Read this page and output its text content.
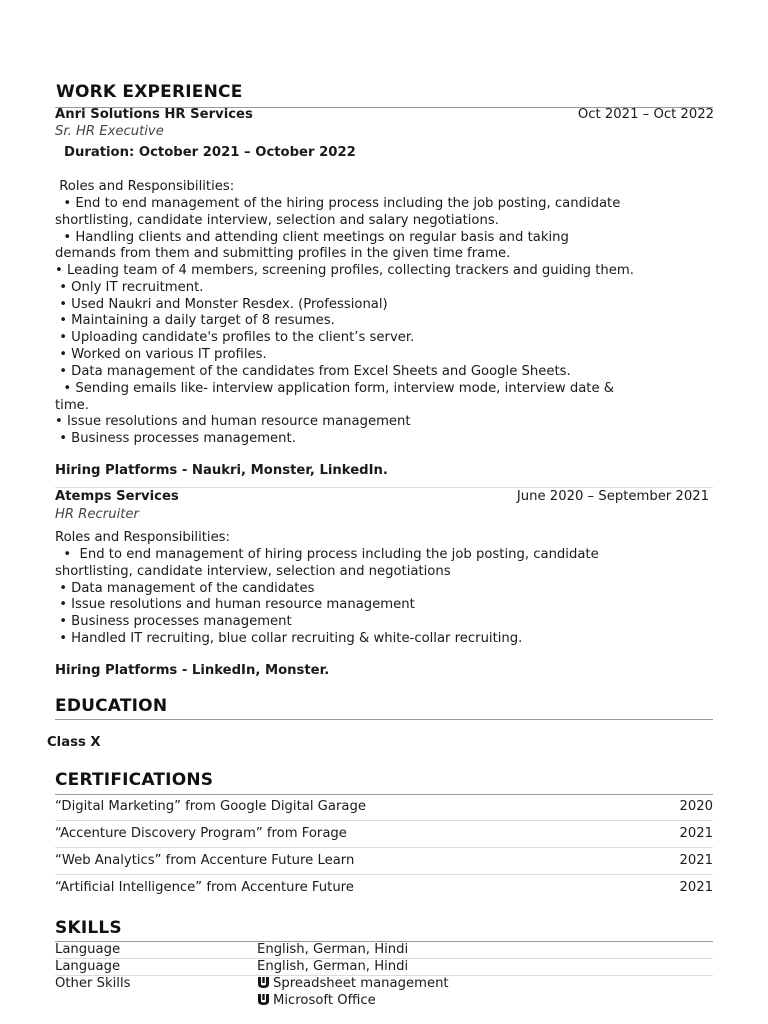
WORK EXPERIENCE
Anri Solutions HR Services	Oct 2021 – Oct 2022
Sr. HR Executive
Duration: October 2021 – October 2022
Roles and Responsibilities:
• End to end management of the hiring process including the job posting, candidate
shortlisting, candidate interview, selection and salary negotiations.
• Handling clients and attending client meetings on regular basis and taking
demands from them and submitting profiles in the given time frame.
• Leading team of 4 members, screening profiles, collecting trackers and guiding them.
• Only IT recruitment.
• Used Naukri and Monster Resdex. (Professional)
• Maintaining a daily target of 8 resumes.
• Uploading candidate's profiles to the client’s server.
• Worked on various IT profiles.
• Data management of the candidates from Excel Sheets and Google Sheets.
• Sending emails like- interview application form, interview mode, interview date &
time.
• Issue resolutions and human resource management
• Business processes management.
Hiring Platforms - Naukri, Monster, LinkedIn.
Atemps Services	June 2020 – September 2021
HR Recruiter
Roles and Responsibilities:
•  End to end management of hiring process including the job posting, candidate
shortlisting, candidate interview, selection and negotiations
• Data management of the candidates
• Issue resolutions and human resource management
• Business processes management
• Handled IT recruiting, blue collar recruiting & white-collar recruiting.
Hiring Platforms - LinkedIn, Monster.
EDUCATION
Class X
CERTIFICATIONS
“Digital Marketing” from Google Digital Garage	2020
“Accenture Discovery Program” from Forage	2021
“Web Analytics” from Accenture Future Learn	2021
“Artificial Intelligence” from Accenture Future	2021
SKILLS
Language	English, German, Hindi
Language	English, German, Hindi
Other Skills	Spreadsheet management
Microsoft Office
